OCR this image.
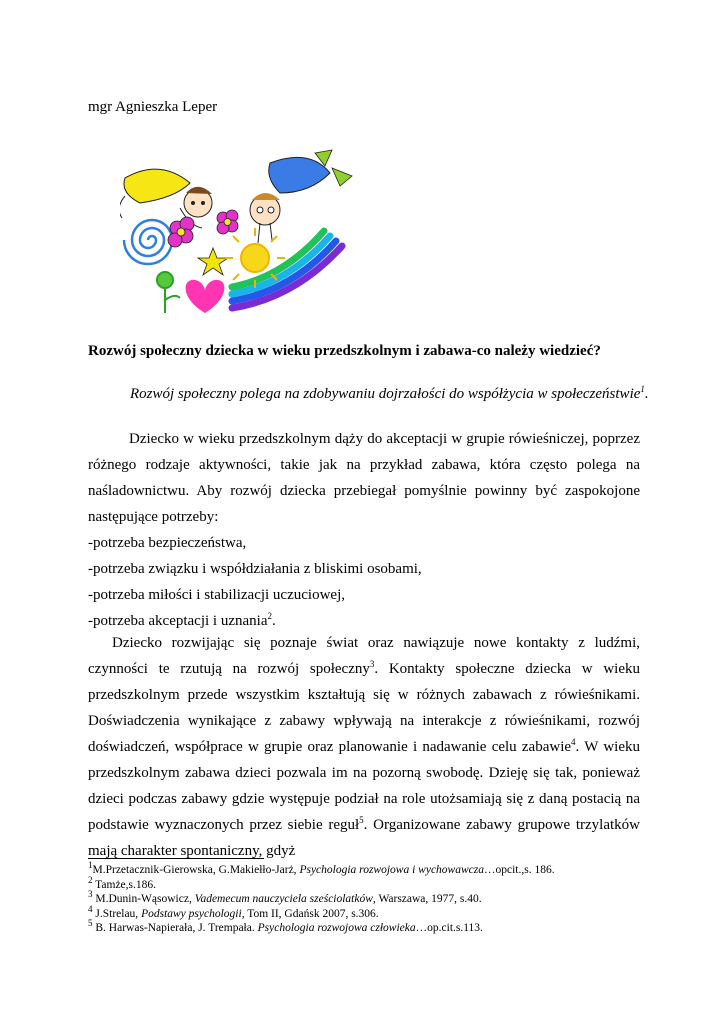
mgr Agnieszka Leper
Rozwój społeczny dziecka w wieku przedszkolnym i zabawa-co należy wiedzieć?
Rozwój społeczny polega na zdobywaniu dojrzałości do współżycia w społeczeństwie$^1$.
Dziecko w wieku przedszkolnym dąży do akceptacji w grupie rówieśniczej, poprzez różnego rodzaje aktywności, takie jak na przykład zabawa, która często polega na naśladownictwu. Aby rozwój dziecka przebiegał pomyślnie powinny być zaspokojone następujące potrzeby:
-potrzeba bezpieczeństwa,
-potrzeba związku i współdziałania z bliskimi osobami,
-potrzeba miłości i stabilizacji uczuciowej,
-potrzeba akceptacji i uznania$^2$.
Dziecko rozwijając się poznaje świat oraz nawiązuje nowe kontakty z ludźmi, czynności te rzutują na rozwój społeczny$^3$. Kontakty społeczne dziecka w wieku przedszkolnym przede wszystkim kształtują się w różnych zabawach z rówieśnikami. Doświadczenia wynikające z zabawy wpływają na interakcje z rówieśnikami, rozwój doświadczeń, współprace w grupie oraz planowanie i nadawanie celu zabawie$^4$. W wieku przedszkolnym zabawa dzieci pozwala im na pozorną swobodę. Dzieję się tak, ponieważ dzieci podczas zabawy gdzie występuje podział na role utożsamiają się z daną postacią na podstawie wyznaczonych przez siebie reguł$^5$. Organizowane zabawy grupowe trzylatków mają charakter spontaniczny, gdyż
$^1$M.Przetacznik-Gierowska, G.Makiełło-Jarż, Psychologia rozwojowa i wychowawcza…opcit.,s. 186.
$^2$ Tamże,s.186.
$^3$ M.Dunin-Wąsowicz, Vademecum nauczyciela sześciolatków, Warszawa, 1977, s.40.
$^4$ J.Strelau, Podstawy psychologii, Tom II, Gdańsk 2007, s.306.
$^5$ B. Harwas-Napierała, J. Trempała. Psychologia rozwojowa człowieka…op.cit.s.113.
